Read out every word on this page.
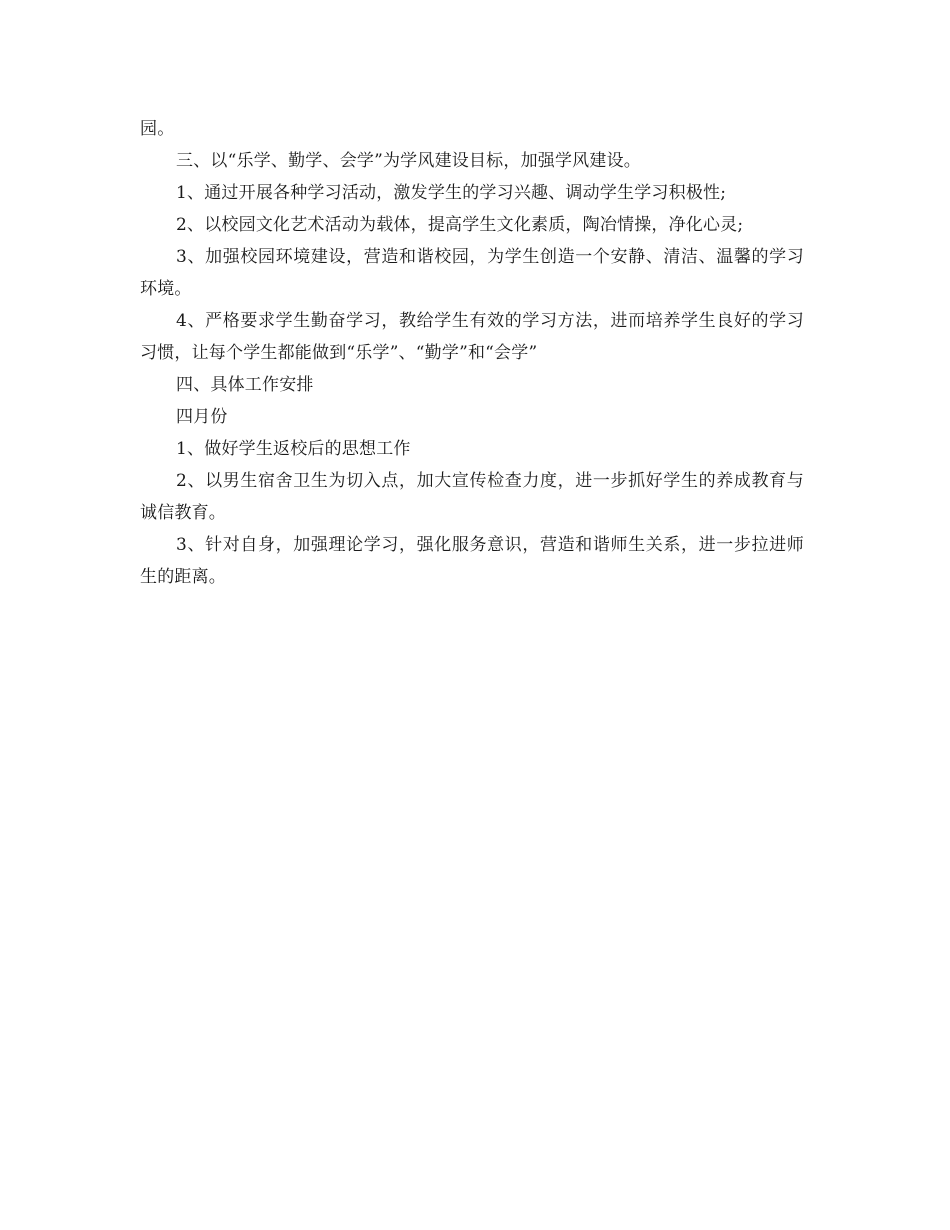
园。

三、以“乐学、勤学、会学”为学风建设目标，加强学风建设。

1、通过开展各种学习活动，激发学生的学习兴趣、调动学生学习积极性;

2、以校园文化艺术活动为载体，提高学生文化素质，陶冶情操，净化心灵;

3、加强校园环境建设，营造和谐校园，为学生创造一个安静、清洁、温馨的学习环境。

4、严格要求学生勤奋学习，教给学生有效的学习方法，进而培养学生良好的学习习惯，让每个学生都能做到“乐学”、“勤学”和“会学”

四、具体工作安排

四月份

1、做好学生返校后的思想工作

2、以男生宿舍卫生为切入点，加大宣传检查力度，进一步抓好学生的养成教育与诚信教育。

3、针对自身，加强理论学习，强化服务意识，营造和谐师生关系，进一步拉进师生的距离。
